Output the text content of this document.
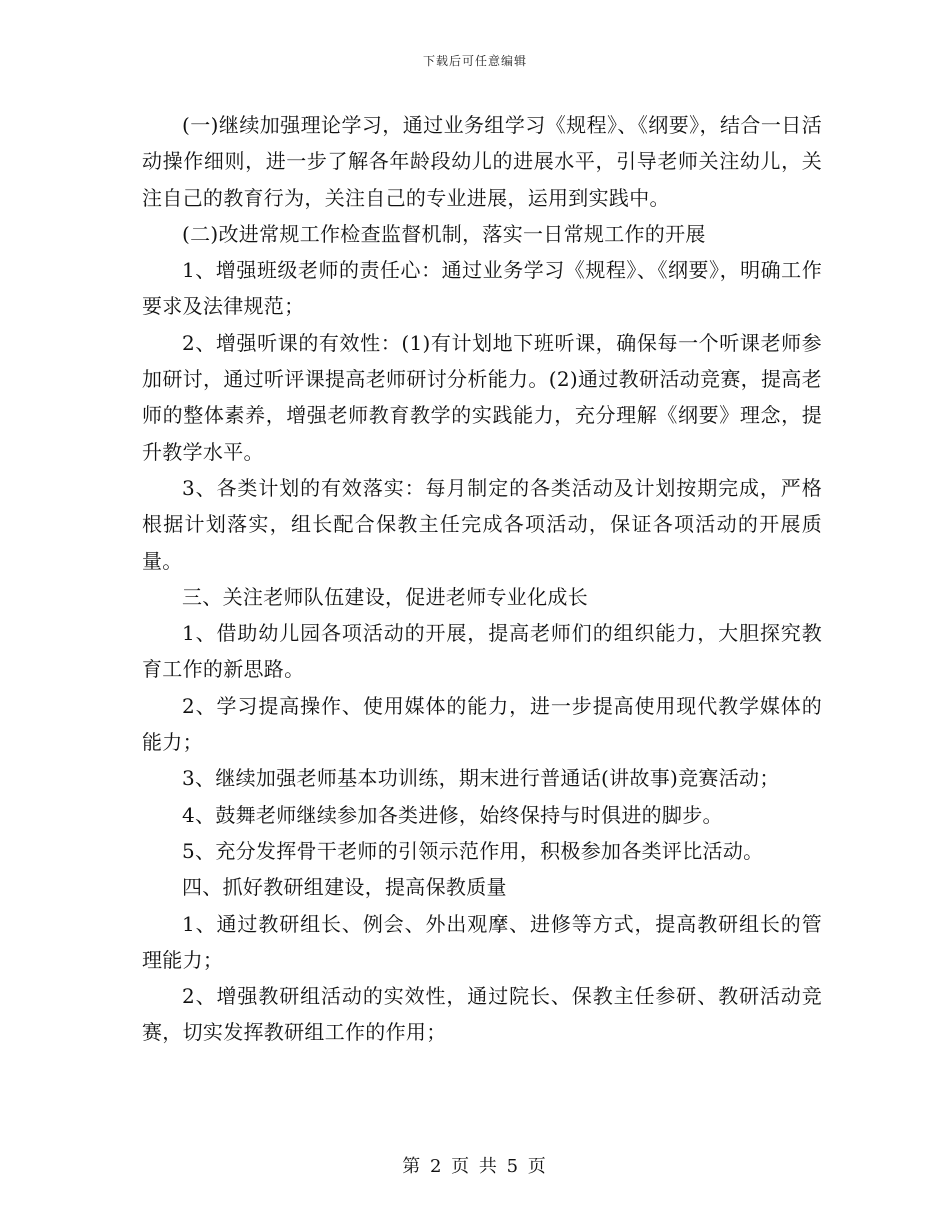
下载后可任意编辑

(一)继续加强理论学习，通过业务组学习《规程》、《纲要》，结合一日活动操作细则，进一步了解各年龄段幼儿的进展水平，引导老师关注幼儿，关注自己的教育行为，关注自己的专业进展，运用到实践中。

(二)改进常规工作检查监督机制，落实一日常规工作的开展

1、增强班级老师的责任心：通过业务学习《规程》、《纲要》，明确工作要求及法律规范；

2、增强听课的有效性：(1)有计划地下班听课，确保每一个听课老师参加研讨，通过听评课提高老师研讨分析能力。(2)通过教研活动竞赛，提高老师的整体素养，增强老师教育教学的实践能力，充分理解《纲要》理念，提升教学水平。

3、各类计划的有效落实：每月制定的各类活动及计划按期完成，严格根据计划落实，组长配合保教主任完成各项活动，保证各项活动的开展质量。

三、关注老师队伍建设，促进老师专业化成长

1、借助幼儿园各项活动的开展，提高老师们的组织能力，大胆探究教育工作的新思路。

2、学习提高操作、使用媒体的能力，进一步提高使用现代教学媒体的能力；

3、继续加强老师基本功训练，期末进行普通话(讲故事)竞赛活动；

4、鼓舞老师继续参加各类进修，始终保持与时俱进的脚步。

5、充分发挥骨干老师的引领示范作用，积极参加各类评比活动。

四、抓好教研组建设，提高保教质量

1、通过教研组长、例会、外出观摩、进修等方式，提高教研组长的管理能力；

2、增强教研组活动的实效性，通过院长、保教主任参研、教研活动竞赛，切实发挥教研组工作的作用；

第 2 页 共 5 页
